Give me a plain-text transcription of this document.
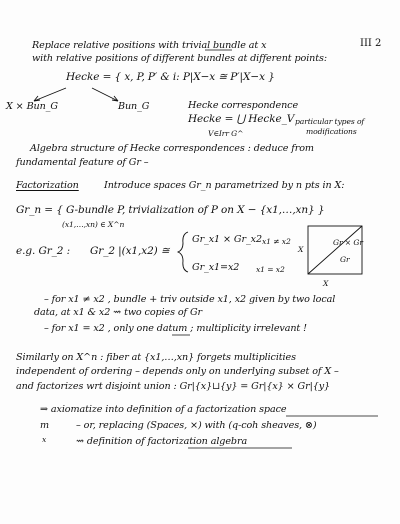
III 2
Replace relative positions with trivial bundle at x
with relative positions of different bundles at different points:
Hecke = { x, P, P′ & i: P|X−x ≅ P′|X−x }
X × Bun_G	Bun_G	Hecke correspondence
Hecke = ⋃ Hecke_V
V∈Irr G^
particular types of
modifications
Algebra structure of Hecke correspondences : deduce from
fundamental feature of Gr –
Factorization	Introduce spaces Gr_n parametrized by n pts in X:
Gr_n = { G-bundle P, trivialization of P on X − {x1,…,xn} }
(x1,…,xn) ∈ X^n
e.g. Gr_2 : Gr_2 |(x1,x2) ≅
Gr_x1 × Gr_x2 x1 ≠ x2
Gr_x1=x2 x1 = x2
X
X
Gr × Gr
Gr
– for x1 ≠ x2 , bundle + triv outside x1, x2 given by two local
data, at x1 & x2 ⇝ two copies of Gr
– for x1 = x2 , only one datum ; multiplicity irrelevant !
Similarly on X^n : fiber at {x1,…,xn} forgets multiplicities
independent of ordering – depends only on underlying subset of X –
and factorizes wrt disjoint union : Gr|{x}⊔{y} = Gr|{x} × Gr|{y}
⇒ axiomatize into definition of a factorization space
m	– or, replacing (Spaces, ×) with (q-coh sheaves, ⊗)
x	⇝ definition of factorization algebra
